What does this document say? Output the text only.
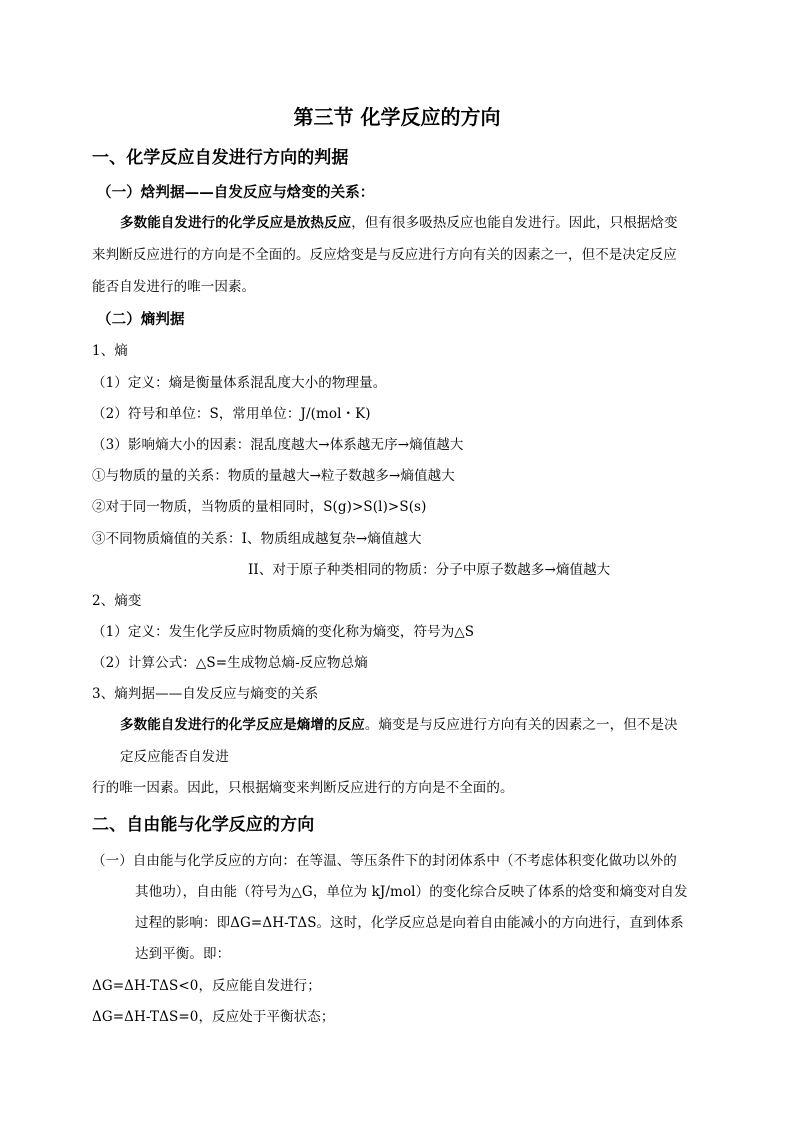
第三节 化学反应的方向
一、化学反应自发进行方向的判据
（一）焓判据——自发反应与焓变的关系：
多数能自发进行的化学反应是放热反应，但有很多吸热反应也能自发进行。因此，只根据焓变
来判断反应进行的方向是不全面的。反应焓变是与反应进行方向有关的因素之一，但不是决定反应
能否自发进行的唯一因素。
（二）熵判据
1、熵
（1）定义：熵是衡量体系混乱度大小的物理量。
（2）符号和单位：S，常用单位：J/(mol・K)
（3）影响熵大小的因素：混乱度越大→体系越无序→熵值越大
①与物质的量的关系：物质的量越大→粒子数越多→熵值越大
②对于同一物质，当物质的量相同时，S(g)>S(l)>S(s)
③不同物质熵值的关系：I、物质组成越复杂→熵值越大
II、对于原子种类相同的物质：分子中原子数越多→熵值越大
2、熵变
（1）定义：发生化学反应时物质熵的变化称为熵变，符号为△S
（2）计算公式：△S=生成物总熵-反应物总熵
3、熵判据——自发反应与熵变的关系
多数能自发进行的化学反应是熵增的反应。熵变是与反应进行方向有关的因素之一，但不是决
定反应能否自发进
行的唯一因素。因此，只根据熵变来判断反应进行的方向是不全面的。
二、自由能与化学反应的方向
（一）自由能与化学反应的方向：在等温、等压条件下的封闭体系中（不考虑体积变化做功以外的
其他功），自由能（符号为△G，单位为 kJ/mol）的变化综合反映了体系的焓变和熵变对自发
过程的影响：即ΔG=ΔH-TΔS。这时，化学反应总是向着自由能减小的方向进行，直到体系
达到平衡。即：
ΔG=ΔH-TΔS<0，反应能自发进行；
ΔG=ΔH-TΔS=0，反应处于平衡状态；
